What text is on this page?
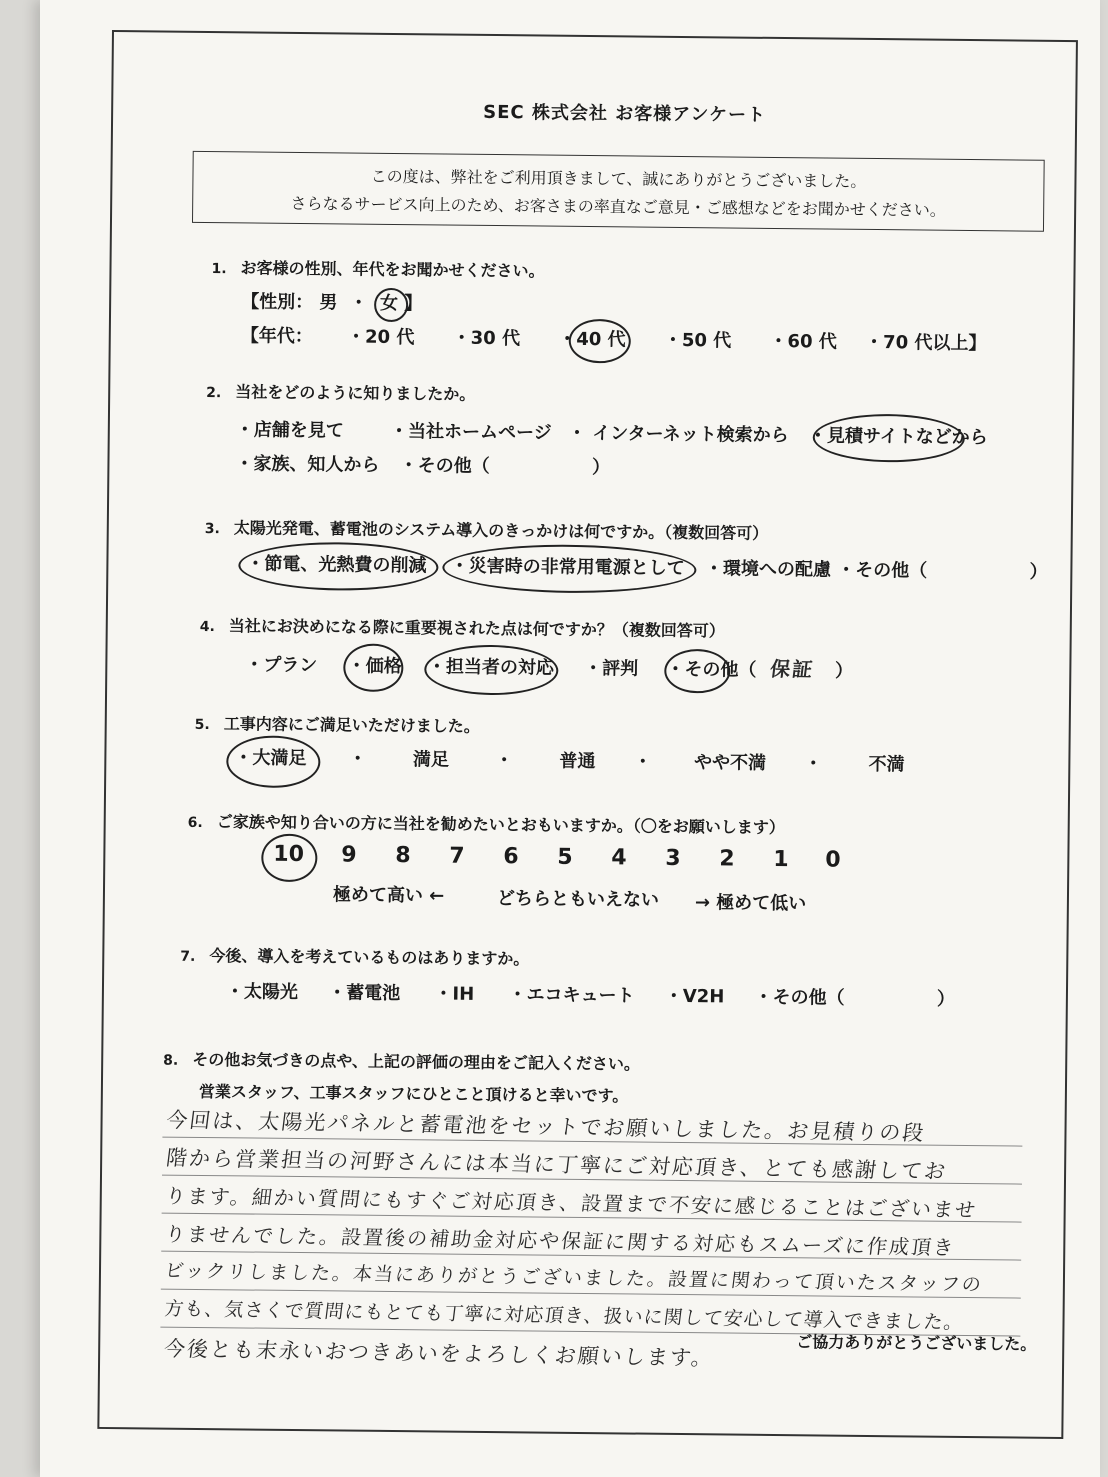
SEC 株式会社 お客様アンケート
この度は、弊社をご利用頂きまして、誠にありがとうございました。
さらなるサービス向上のため、お客さまの率直なご意見・ご感想などをお聞かせください。
1. お客様の性別、年代をお聞かせください。
【性別： 男 ・ 女 】
【年代： ・20 代 ・30 代 ・40 代 ・50 代 ・60 代 ・70 代以上】
2. 当社をどのように知りましたか。
・店舗を見て	・当社ホームページ ・ インターネット検索から ・見積サイトなどから
・家族、知人から ・その他（	）
3. 太陽光発電、蓄電池のシステム導入のきっかけは何ですか。（複数回答可）
・節電、光熱費の削減 ・災害時の非常用電源として ・環境への配慮 ・その他（	）
4. 当社にお決めになる際に重要視された点は何ですか？（複数回答可）
・プラン ・価格 ・担当者の対応 ・評判 ・その他（ 保証 ）
5. 工事内容にご満足いただけました。
・大満足 ・	満足	・	普通 ・ やや不満 ・	不満
6. ご家族や知り合いの方に当社を勧めたいとおもいますか。（〇をお願いします）
10 9 8 7 6 5 4 3 2 1 0
極めて高い ←	どちらともいえない → 極めて低い
7. 今後、導入を考えているものはありますか。
・太陽光 ・蓄電池 ・IH ・エコキュート ・V2H ・その他（	）
8. その他お気づきの点や、上記の評価の理由をご記入ください。
営業スタッフ、工事スタッフにひとこと頂けると幸いです。
今回は、太陽光パネルと蓄電池をセットでお願いしました。お見積りの段
階から営業担当の河野さんには本当に丁寧にご対応頂き、とても感謝してお
ります。細かい質問にもすぐご対応頂き、設置まで不安に感じることはございませ
りませんでした。設置後の補助金対応や保証に関する対応もスムーズに作成頂き
ビックリしました。本当にありがとうございました。設置に関わって頂いたスタッフの
方も、気さくで質問にもとても丁寧に対応頂き、扱いに関して安心して導入できました。
今後とも末永いおつきあいをよろしくお願いします。	ご協力ありがとうございました。
